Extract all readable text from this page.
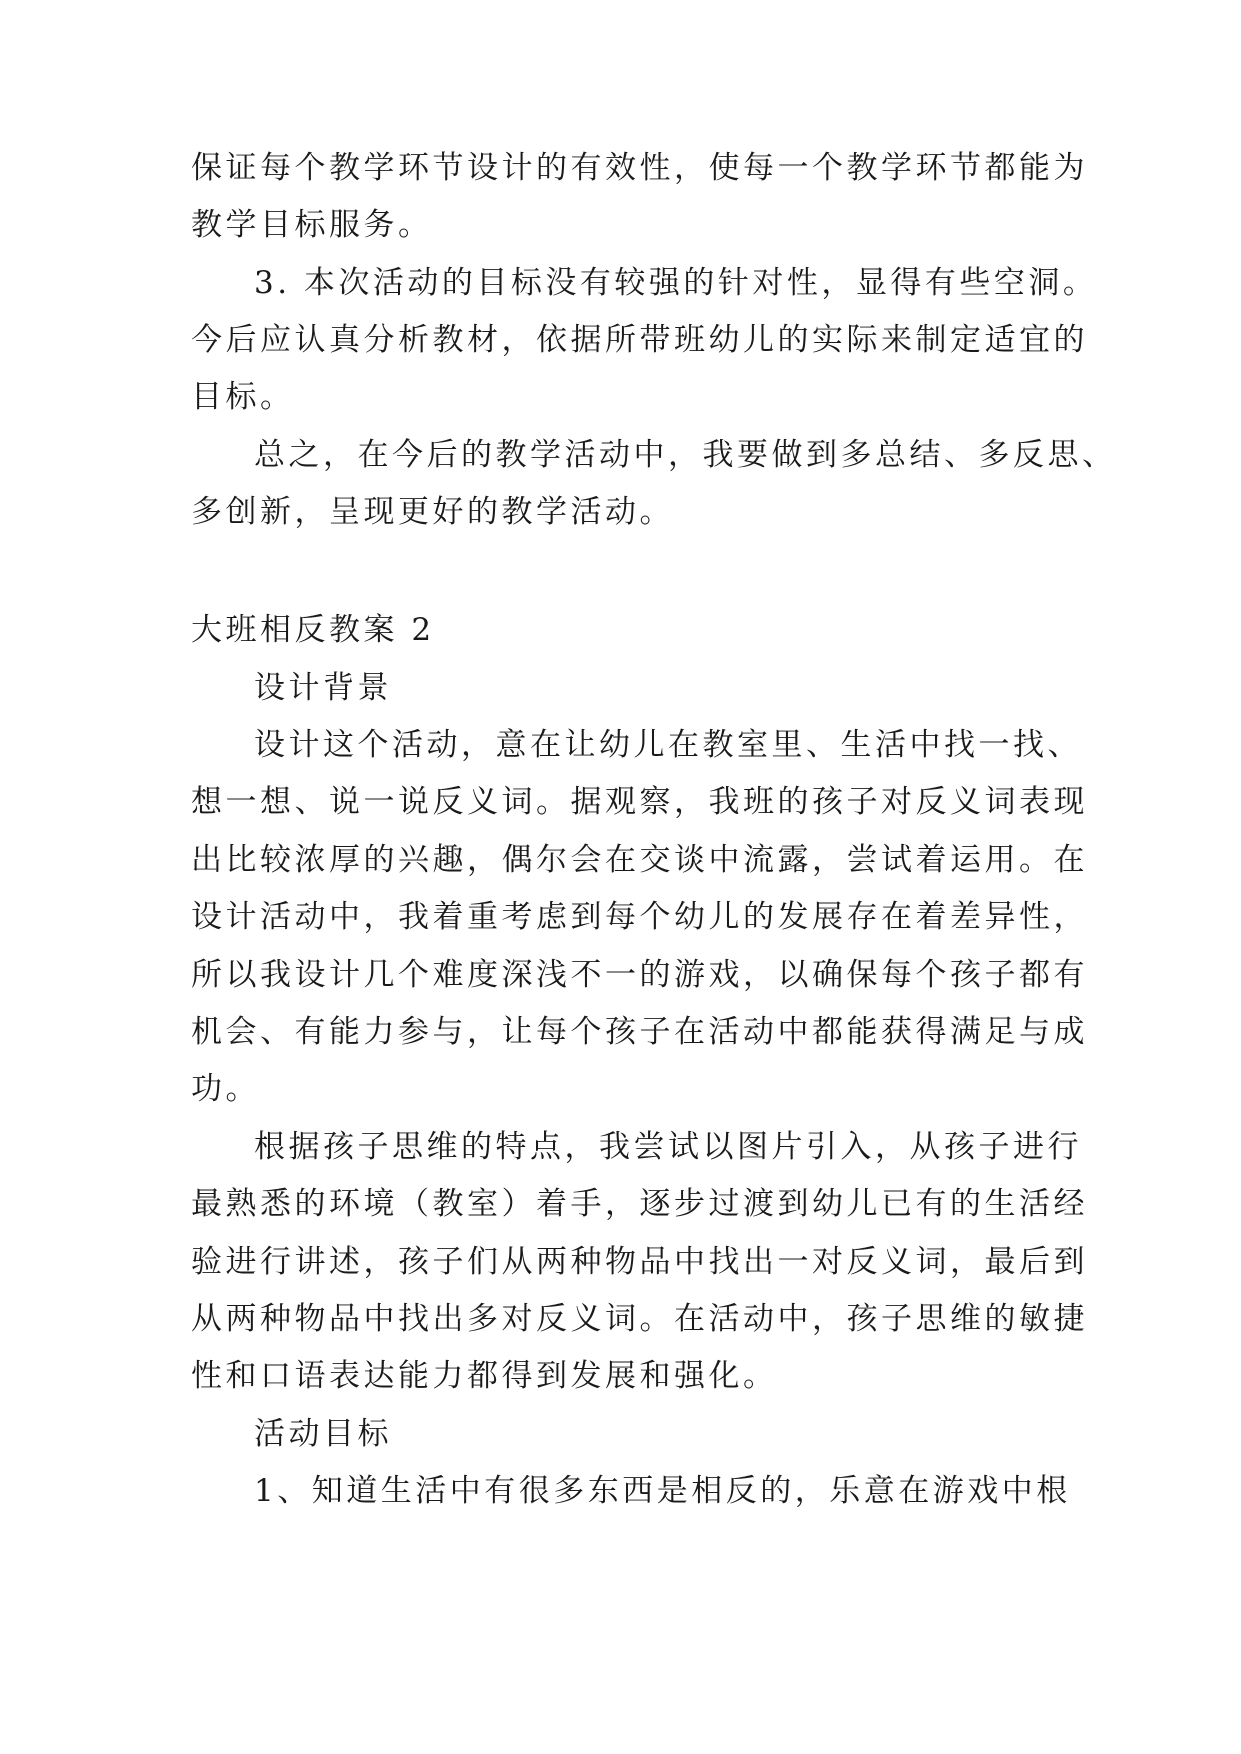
保证每个教学环节设计的有效性，使每一个教学环节都能为
教学目标服务。
3. 本次活动的目标没有较强的针对性，显得有些空洞。
今后应认真分析教材，依据所带班幼儿的实际来制定适宜的
目标。
总之，在今后的教学活动中，我要做到多总结、多反思、
多创新，呈现更好的教学活动。
大班相反教案 2
设计背景
设计这个活动，意在让幼儿在教室里、生活中找一找、
想一想、说一说反义词。据观察，我班的孩子对反义词表现
出比较浓厚的兴趣，偶尔会在交谈中流露，尝试着运用。在
设计活动中，我着重考虑到每个幼儿的发展存在着差异性，
所以我设计几个难度深浅不一的游戏，以确保每个孩子都有
机会、有能力参与，让每个孩子在活动中都能获得满足与成
功。
根据孩子思维的特点，我尝试以图片引入，从孩子进行
最熟悉的环境（教室）着手，逐步过渡到幼儿已有的生活经
验进行讲述，孩子们从两种物品中找出一对反义词，最后到
从两种物品中找出多对反义词。在活动中，孩子思维的敏捷
性和口语表达能力都得到发展和强化。
活动目标
1、知道生活中有很多东西是相反的，乐意在游戏中根
